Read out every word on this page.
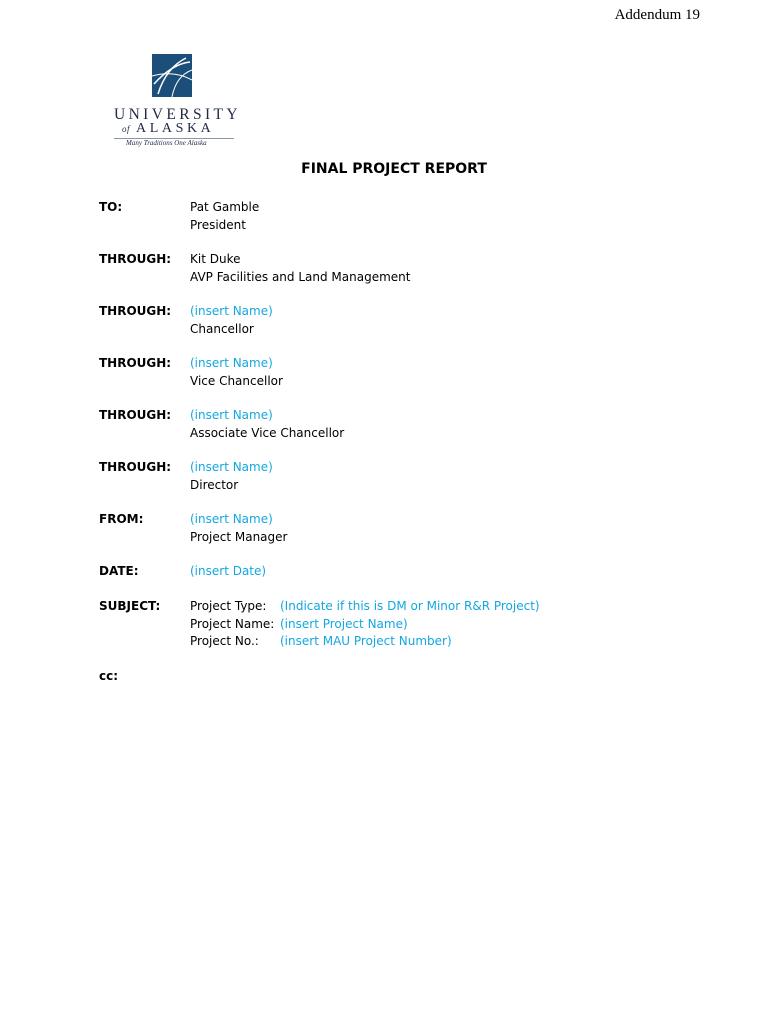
Addendum 19
UNIVERSITY
of ALASKA
Many Traditions One Alaska
FINAL PROJECT REPORT
TO:	Pat Gamble
President
THROUGH: Kit Duke
AVP Facilities and Land Management
THROUGH: (insert Name)
Chancellor
THROUGH: (insert Name)
Vice Chancellor
THROUGH: (insert Name)
Associate Vice Chancellor
THROUGH: (insert Name)
Director
FROM:	(insert Name)
Project Manager
DATE:	(insert Date)
SUBJECT: Project Type: (Indicate if this is DM or Minor R&R Project)
Project Name: (insert Project Name)
Project No.: (insert MAU Project Number)
cc:
